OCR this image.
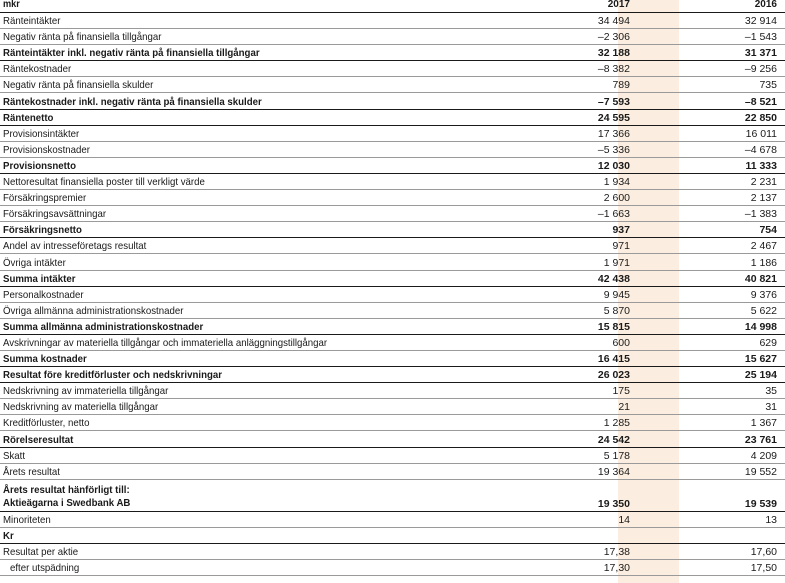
mkr	2017	2016
Ränteintäkter	34 494	32 914
Negativ ränta på finansiella tillgångar	–2 306	–1 543
Ränteintäkter inkl. negativ ränta på finansiella tillgångar	32 188	31 371
Räntekostnader	–8 382	–9 256
Negativ ränta på finansiella skulder	789	735
Räntekostnader inkl. negativ ränta på finansiella skulder	–7 593	–8 521
Räntenetto	24 595	22 850
Provisionsintäkter	17 366	16 011
Provisionskostnader	–5 336	–4 678
Provisionsnetto	12 030	11 333
Nettoresultat finansiella poster till verkligt värde	1 934	2 231
Försäkringspremier	2 600	2 137
Försäkringsavsättningar	–1 663	–1 383
Försäkringsnetto	937	754
Andel av intresseföretags resultat	971	2 467
Övriga intäkter	1 971	1 186
Summa intäkter	42 438	40 821
Personalkostnader	9 945	9 376
Övriga allmänna administrationskostnader	5 870	5 622
Summa allmänna administrationskostnader	15 815	14 998
Avskrivningar av materiella tillgångar och immateriella anläggningstillgångar	600	629
Summa kostnader	16 415	15 627
Resultat före kreditförluster och nedskrivningar	26 023	25 194
Nedskrivning av immateriella tillgångar	175	35
Nedskrivning av materiella tillgångar	21	31
Kreditförluster, netto	1 285	1 367
Rörelseresultat	24 542	23 761
Skatt	5 178	4 209
Årets resultat	19 364	19 552
Årets resultat hänförligt till:
Aktieägarna i Swedbank AB	19 350	19 539
Minoriteten	14	13
Kr
Resultat per aktie	17,38	17,60
efter utspädning	17,30	17,50
